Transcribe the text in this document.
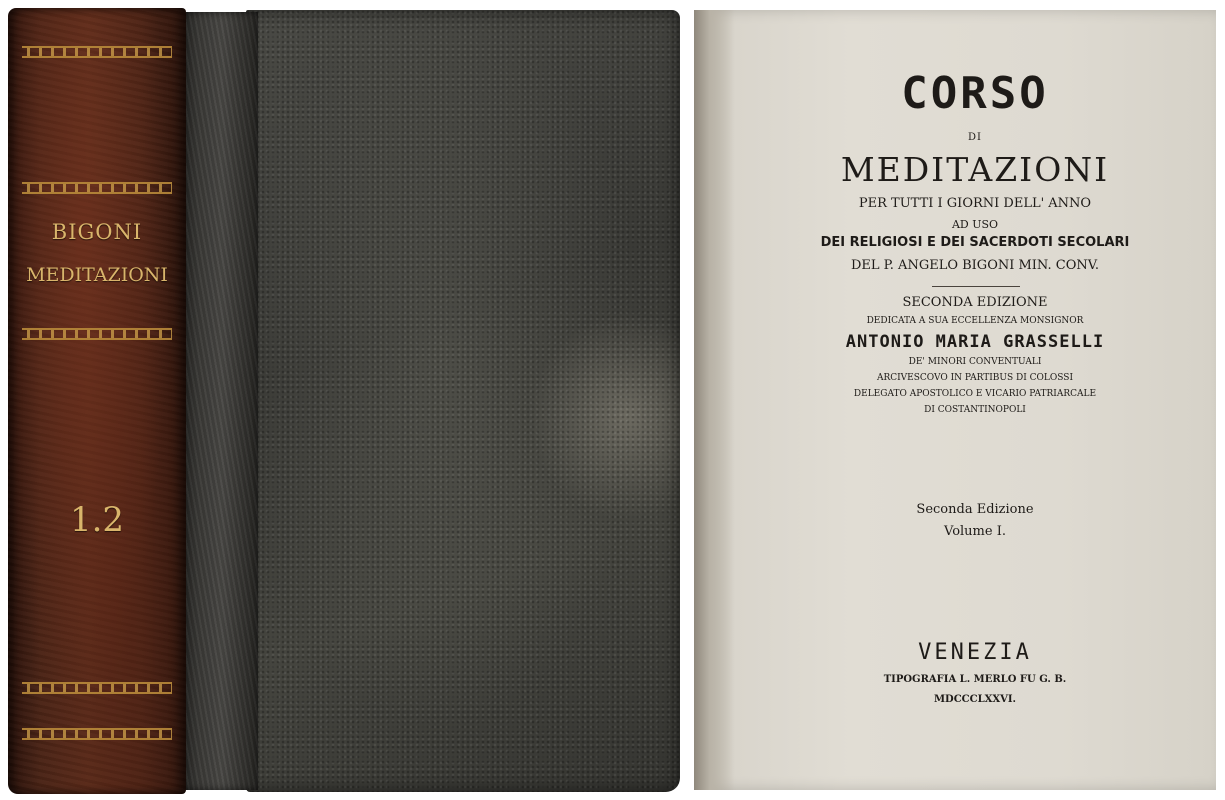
BIGONI
MEDITAZIONI
1.2
CORSO
DI
MEDITAZIONI
PER TUTTI I GIORNI DELL' ANNO
AD USO
DEI RELIGIOSI E DEI SACERDOTI SECOLARI
DEL P. ANGELO BIGONI MIN. CONV.
SECONDA EDIZIONE
DEDICATA A SUA ECCELLENZA MONSIGNOR
ANTONIO MARIA GRASSELLI
DE' MINORI CONVENTUALI
ARCIVESCOVO IN PARTIBUS DI COLOSSI
DELEGATO APOSTOLICO E VICARIO PATRIARCALE
DI COSTANTINOPOLI
Seconda Edizione
Volume I.
VENEZIA
TIPOGRAFIA L. MERLO FU G. B.
MDCCCLXXVI.
